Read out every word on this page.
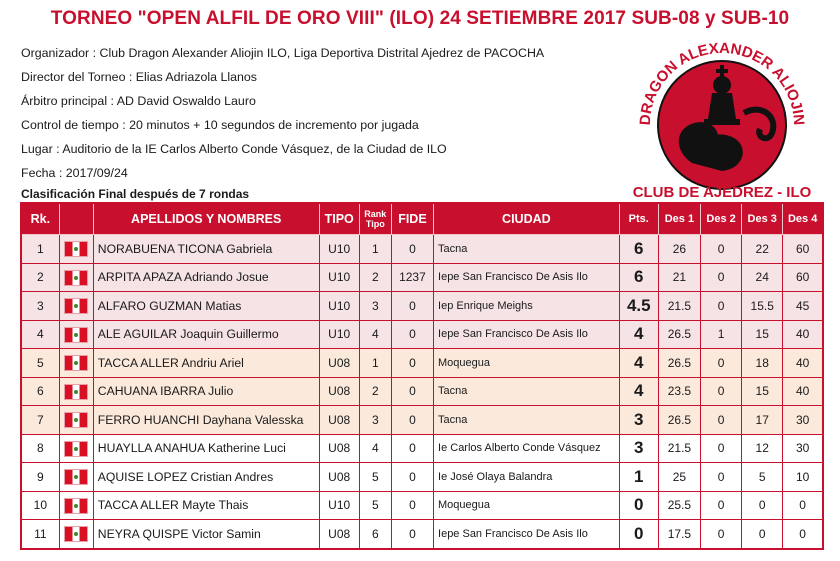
TORNEO "OPEN ALFIL DE ORO VIII" (ILO) 24 SETIEMBRE 2017 SUB-08 y SUB-10
Organizador : Club Dragon Alexander Aliojin ILO, Liga Deportiva Distrital Ajedrez de PACOCHA
Director del Torneo : Elias Adriazola Llanos
Árbitro principal : AD David Oswaldo Lauro
Control de tiempo : 20 minutos + 10 segundos de incremento por jugada
Lugar : Auditorio de la IE Carlos Alberto Conde Vásquez, de la Ciudad de ILO
Fecha : 2017/09/24
Clasificación Final después de 7 rondas
DRAGON ALEXANDER ALIOJIN
CLUB DE AJEDREZ - ILO
Rk.		APELLIDOS Y NOMBRES	TIPO	Rank
Tipo	FIDE	CIUDAD	Pts.	Des 1	Des 2	Des 3	Des 4
1		NORABUENA TICONA Gabriela	U10	1	0	Tacna	6	26	0	22	60
2		ARPITA APAZA Adriando Josue	U10	2	1237	Iepe San Francisco De Asis Ilo	6	21	0	24	60
3		ALFARO GUZMAN Matias	U10	3	0	Iep Enrique Meighs	4.5	21.5	0	15.5	45
4		ALE AGUILAR Joaquin Guillermo	U10	4	0	Iepe San Francisco De Asis Ilo	4	26.5	1	15	40
5		TACCA ALLER Andriu Ariel	U08	1	0	Moquegua	4	26.5	0	18	40
6		CAHUANA IBARRA Julio	U08	2	0	Tacna	4	23.5	0	15	40
7		FERRO HUANCHI Dayhana Valesska	U08	3	0	Tacna	3	26.5	0	17	30
8		HUAYLLA ANAHUA Katherine Luci	U08	4	0	Ie Carlos Alberto Conde Vásquez	3	21.5	0	12	30
9		AQUISE LOPEZ Cristian Andres	U08	5	0	Ie José Olaya Balandra	1	25	0	5	10
10		TACCA ALLER Mayte Thais	U10	5	0	Moquegua	0	25.5	0	0	0
11		NEYRA QUISPE Victor Samin	U08	6	0	Iepe San Francisco De Asis Ilo	0	17.5	0	0	0
